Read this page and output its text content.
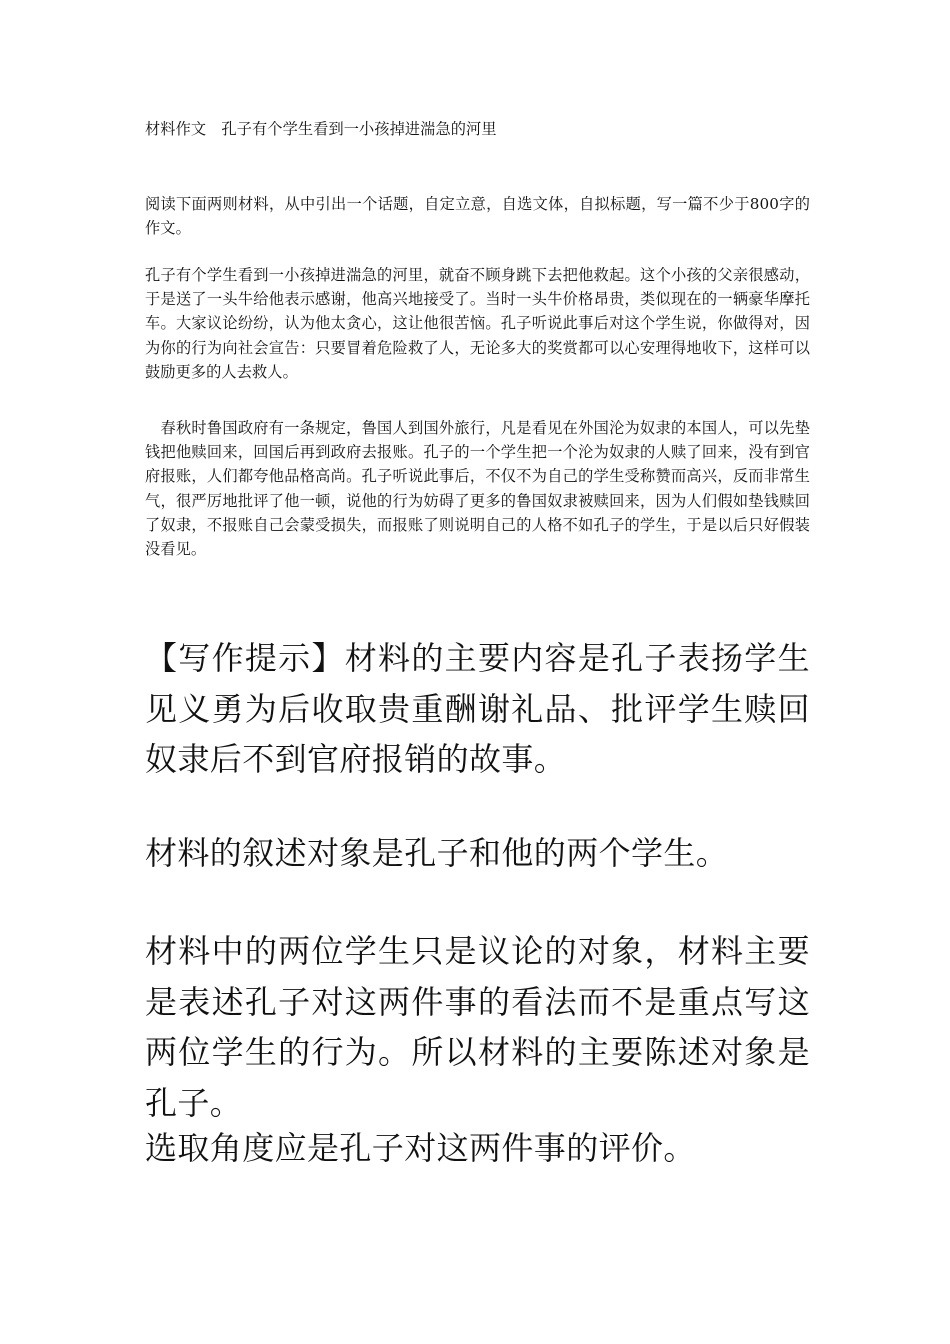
材料作文　孔子有个学生看到一小孩掉进湍急的河里

阅读下面两则材料，从中引出一个话题，自定立意，自选文体，自拟标题，写一篇不少于800字的作文。

孔子有个学生看到一小孩掉进湍急的河里，就奋不顾身跳下去把他救起。这个小孩的父亲很感动，于是送了一头牛给他表示感谢，他高兴地接受了。当时一头牛价格昂贵，类似现在的一辆豪华摩托车。大家议论纷纷，认为他太贪心，这让他很苦恼。孔子听说此事后对这个学生说，你做得对，因为你的行为向社会宣告：只要冒着危险救了人，无论多大的奖赏都可以心安理得地收下，这样可以鼓励更多的人去救人。

　春秋时鲁国政府有一条规定，鲁国人到国外旅行，凡是看见在外国沦为奴隶的本国人，可以先垫钱把他赎回来，回国后再到政府去报账。孔子的一个学生把一个沦为奴隶的人赎了回来，没有到官府报账，人们都夸他品格高尚。孔子听说此事后，不仅不为自己的学生受称赞而高兴，反而非常生气，很严厉地批评了他一顿，说他的行为妨碍了更多的鲁国奴隶被赎回来，因为人们假如垫钱赎回了奴隶，不报账自己会蒙受损失，而报账了则说明自己的人格不如孔子的学生，于是以后只好假装没看见。

【写作提示】材料的主要内容是孔子表扬学生见义勇为后收取贵重酬谢礼品、批评学生赎回奴隶后不到官府报销的故事。

材料的叙述对象是孔子和他的两个学生。

材料中的两位学生只是议论的对象，材料主要是表述孔子对这两件事的看法而不是重点写这两位学生的行为。所以材料的主要陈述对象是孔子。

选取角度应是孔子对这两件事的评价。
